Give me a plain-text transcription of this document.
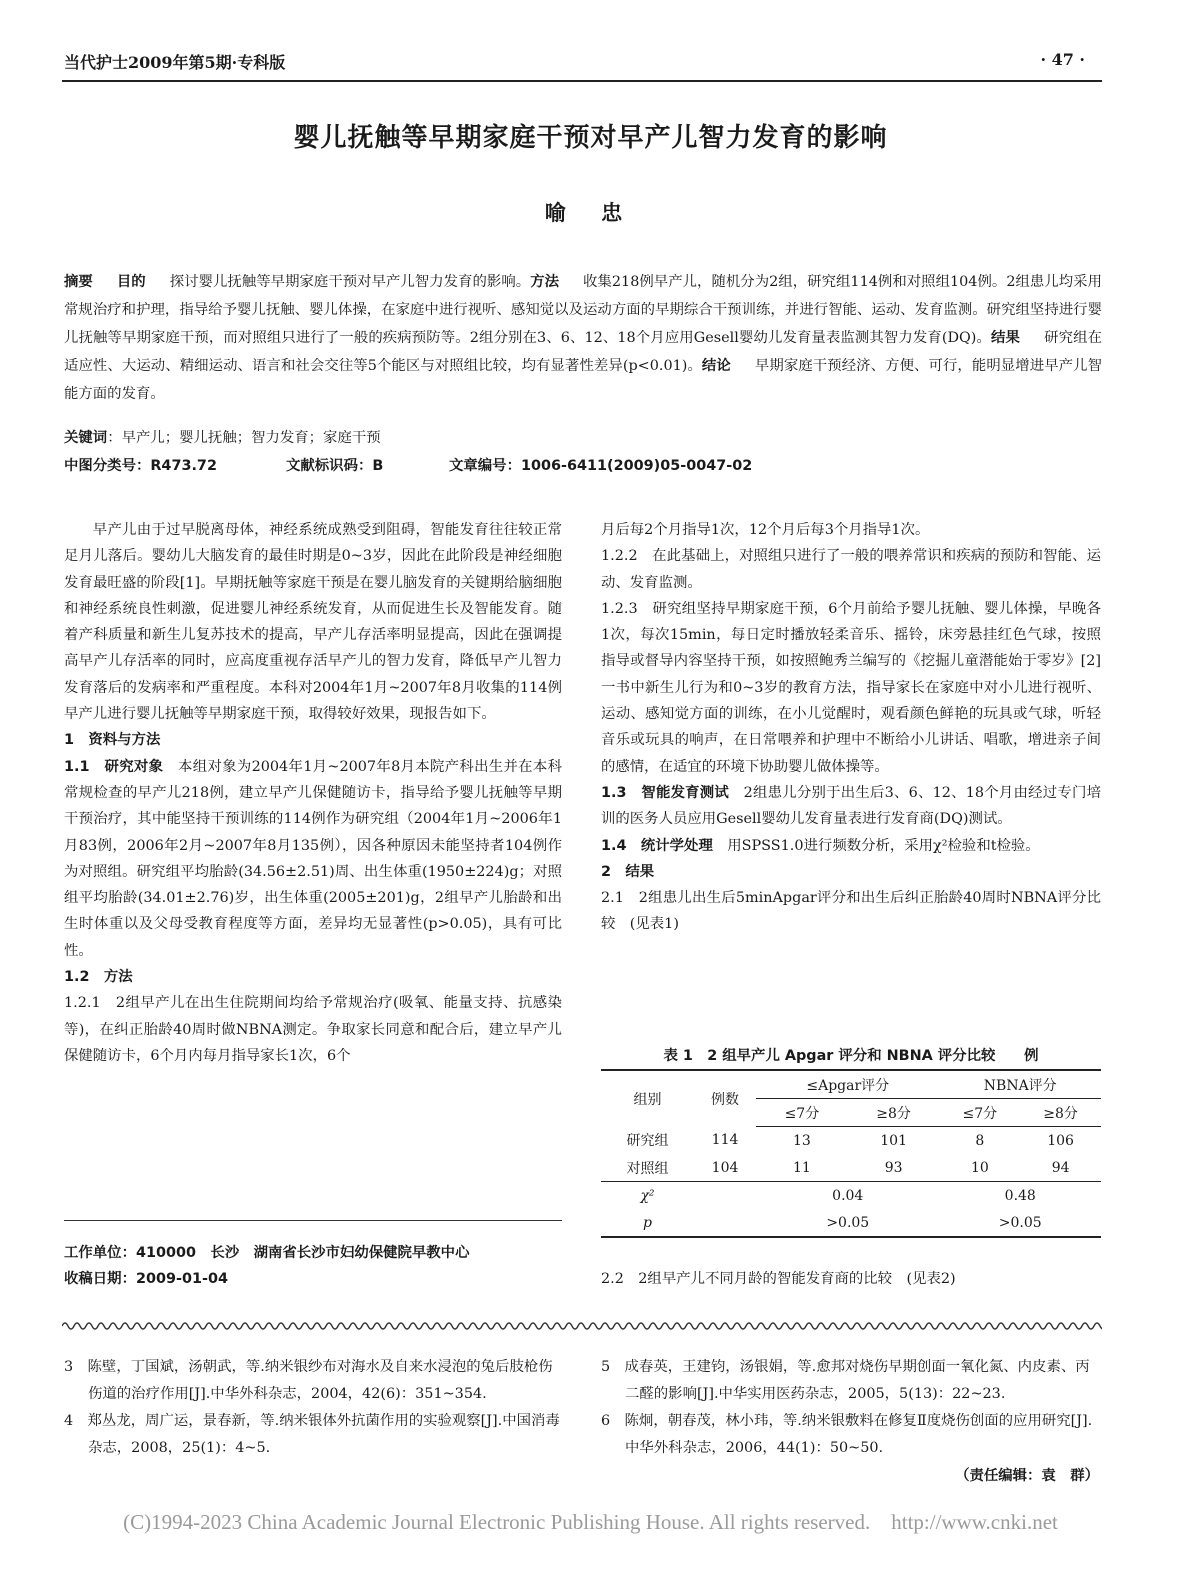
当代护士2009年第5期·专科版	· 47 ·
婴儿抚触等早期家庭干预对早产儿智力发育的影响
喻 忠

摘要 目的 探讨婴儿抚触等早期家庭干预对早产儿智力发育的影响。方法 收集218例早产儿，随机分为2组，研究组114例和对照组104例。2组患儿均采用常规治疗和护理，指导给予婴儿抚触、婴儿体操，在家庭中进行视听、感知觉以及运动方面的早期综合干预训练，并进行智能、运动、发育监测。研究组坚持进行婴儿抚触等早期家庭干预，而对照组只进行了一般的疾病预防等。2组分别在3、6、12、18个月应用Gesell婴幼儿发育量表监测其智力发育(DQ)。结果 研究组在适应性、大运动、精细运动、语言和社会交往等5个能区与对照组比较，均有显著性差异(p<0.01)。结论 早期家庭干预经济、方便、可行，能明显增进早产儿智能方面的发育。

关键词：早产儿；婴儿抚触；智力发育；家庭干预
中图分类号：R473.72	文献标识码：B	文章编号：1006-6411(2009)05-0047-02

早产儿由于过早脱离母体，神经系统成熟受到阻碍，智能发育往往较正常足月儿落后。婴幼儿大脑发育的最佳时期是0~3岁，因此在此阶段是神经细胞发育最旺盛的阶段[1]。早期抚触等家庭干预是在婴儿脑发育的关键期给脑细胞和神经系统良性刺激，促进婴儿神经系统发育，从而促进生长及智能发育。随着产科质量和新生儿复苏技术的提高，早产儿存活率明显提高，因此在强调提高早产儿存活率的同时，应高度重视存活早产儿的智力发育，降低早产儿智力发育落后的发病率和严重程度。本科对2004年1月~2007年8月收集的114例早产儿进行婴儿抚触等早期家庭干预，取得较好效果，现报告如下。

1　资料与方法

1.1　研究对象　 本组对象为2004年1月~2007年8月本院产科出生并在本科常规检查的早产儿218例，建立早产儿保健随访卡，指导给予婴儿抚触等早期干预治疗，其中能坚持干预训练的114例作为研究组（2004年1月~2006年1月83例，2006年2月~2007年8月135例），因各种原因未能坚持者104例作为对照组。研究组平均胎龄(34.56±2.51)周、出生体重(1950±224)g；对照组平均胎龄(34.01±2.76)岁，出生体重(2005±201)g，2组早产儿胎龄和出生时体重以及父母受教育程度等方面，差异均无显著性(p>0.05)，具有可比性。

1.2　方法

1.2.1　2组早产儿在出生住院期间均给予常规治疗(吸氧、能量支持、抗感染等)，在纠正胎龄40周时做NBNA测定。争取家长同意和配合后，建立早产儿保健随访卡，6个月内每月指导家长1次，6个

工作单位：410000　长沙　湖南省长沙市妇幼保健院早教中心

收稿日期：2009-01-04

月后每2个月指导1次，12个月后每3个月指导1次。

1.2.2　在此基础上，对照组只进行了一般的喂养常识和疾病的预防和智能、运动、发育监测。

1.2.3　研究组坚持早期家庭干预，6个月前给予婴儿抚触、婴儿体操，早晚各1次，每次15min，每日定时播放轻柔音乐、摇铃，床旁悬挂红色气球，按照指导或督导内容坚持干预，如按照鲍秀兰编写的《挖掘儿童潜能始于零岁》[2]一书中新生儿行为和0~3岁的教育方法，指导家长在家庭中对小儿进行视听、运动、感知觉方面的训练，在小儿觉醒时，观看颜色鲜艳的玩具或气球，听轻音乐或玩具的响声，在日常喂养和护理中不断给小儿讲话、唱歌，增进亲子间的感情，在适宜的环境下协助婴儿做体操等。

1.3　智能发育测试　 2组患儿分别于出生后3、6、12、18个月由经过专门培训的医务人员应用Gesell婴幼儿发育量表进行发育商(DQ)测试。

1.4　统计学处理　 用SPSS1.0进行频数分析，采用χ²检验和t检验。

2　结果

2.1　2组患儿出生后5minApgar评分和出生后纠正胎龄40周时NBNA评分比较　(见表1)

表 1　2 组早产儿 Apgar 评分和 NBNA 评分比较　　例
组别	例数	≤Apgar评分		NBNA评分	
		≤7分	≥8分	≤7分	≥8分
研究组	114	13	101	8	106
对照组	104	11	93	10	94
χ²		0.04		0.48	
p		>0.05		>0.05	
2.2　2组早产儿不同月龄的智能发育商的比较　(见表2)

3　陈壁，丁国斌，汤朝武，等.纳米银纱布对海水及自来水浸泡的兔后肢枪伤伤道的治疗作用[J].中华外科杂志，2004，42(6)：351~354.

4　郑丛龙，周广运，景春新，等.纳米银体外抗菌作用的实验观察[J].中国消毒杂志，2008，25(1)：4~5.

5　成春英，王建钧，汤银娟，等.愈邦对烧伤早期创面一氧化氮、内皮素、丙二醛的影响[J].中华实用医药杂志，2005，5(13)：22~23.

6　陈炯，朝春茂，林小玮，等.纳米银敷料在修复Ⅱ度烧伤创面的应用研究[J].中华外科杂志，2006，44(1)：50~50.

（责任编辑：袁　群）
(C)1994-2023 China Academic Journal Electronic Publishing House. All rights reserved.　http://www.cnki.net
